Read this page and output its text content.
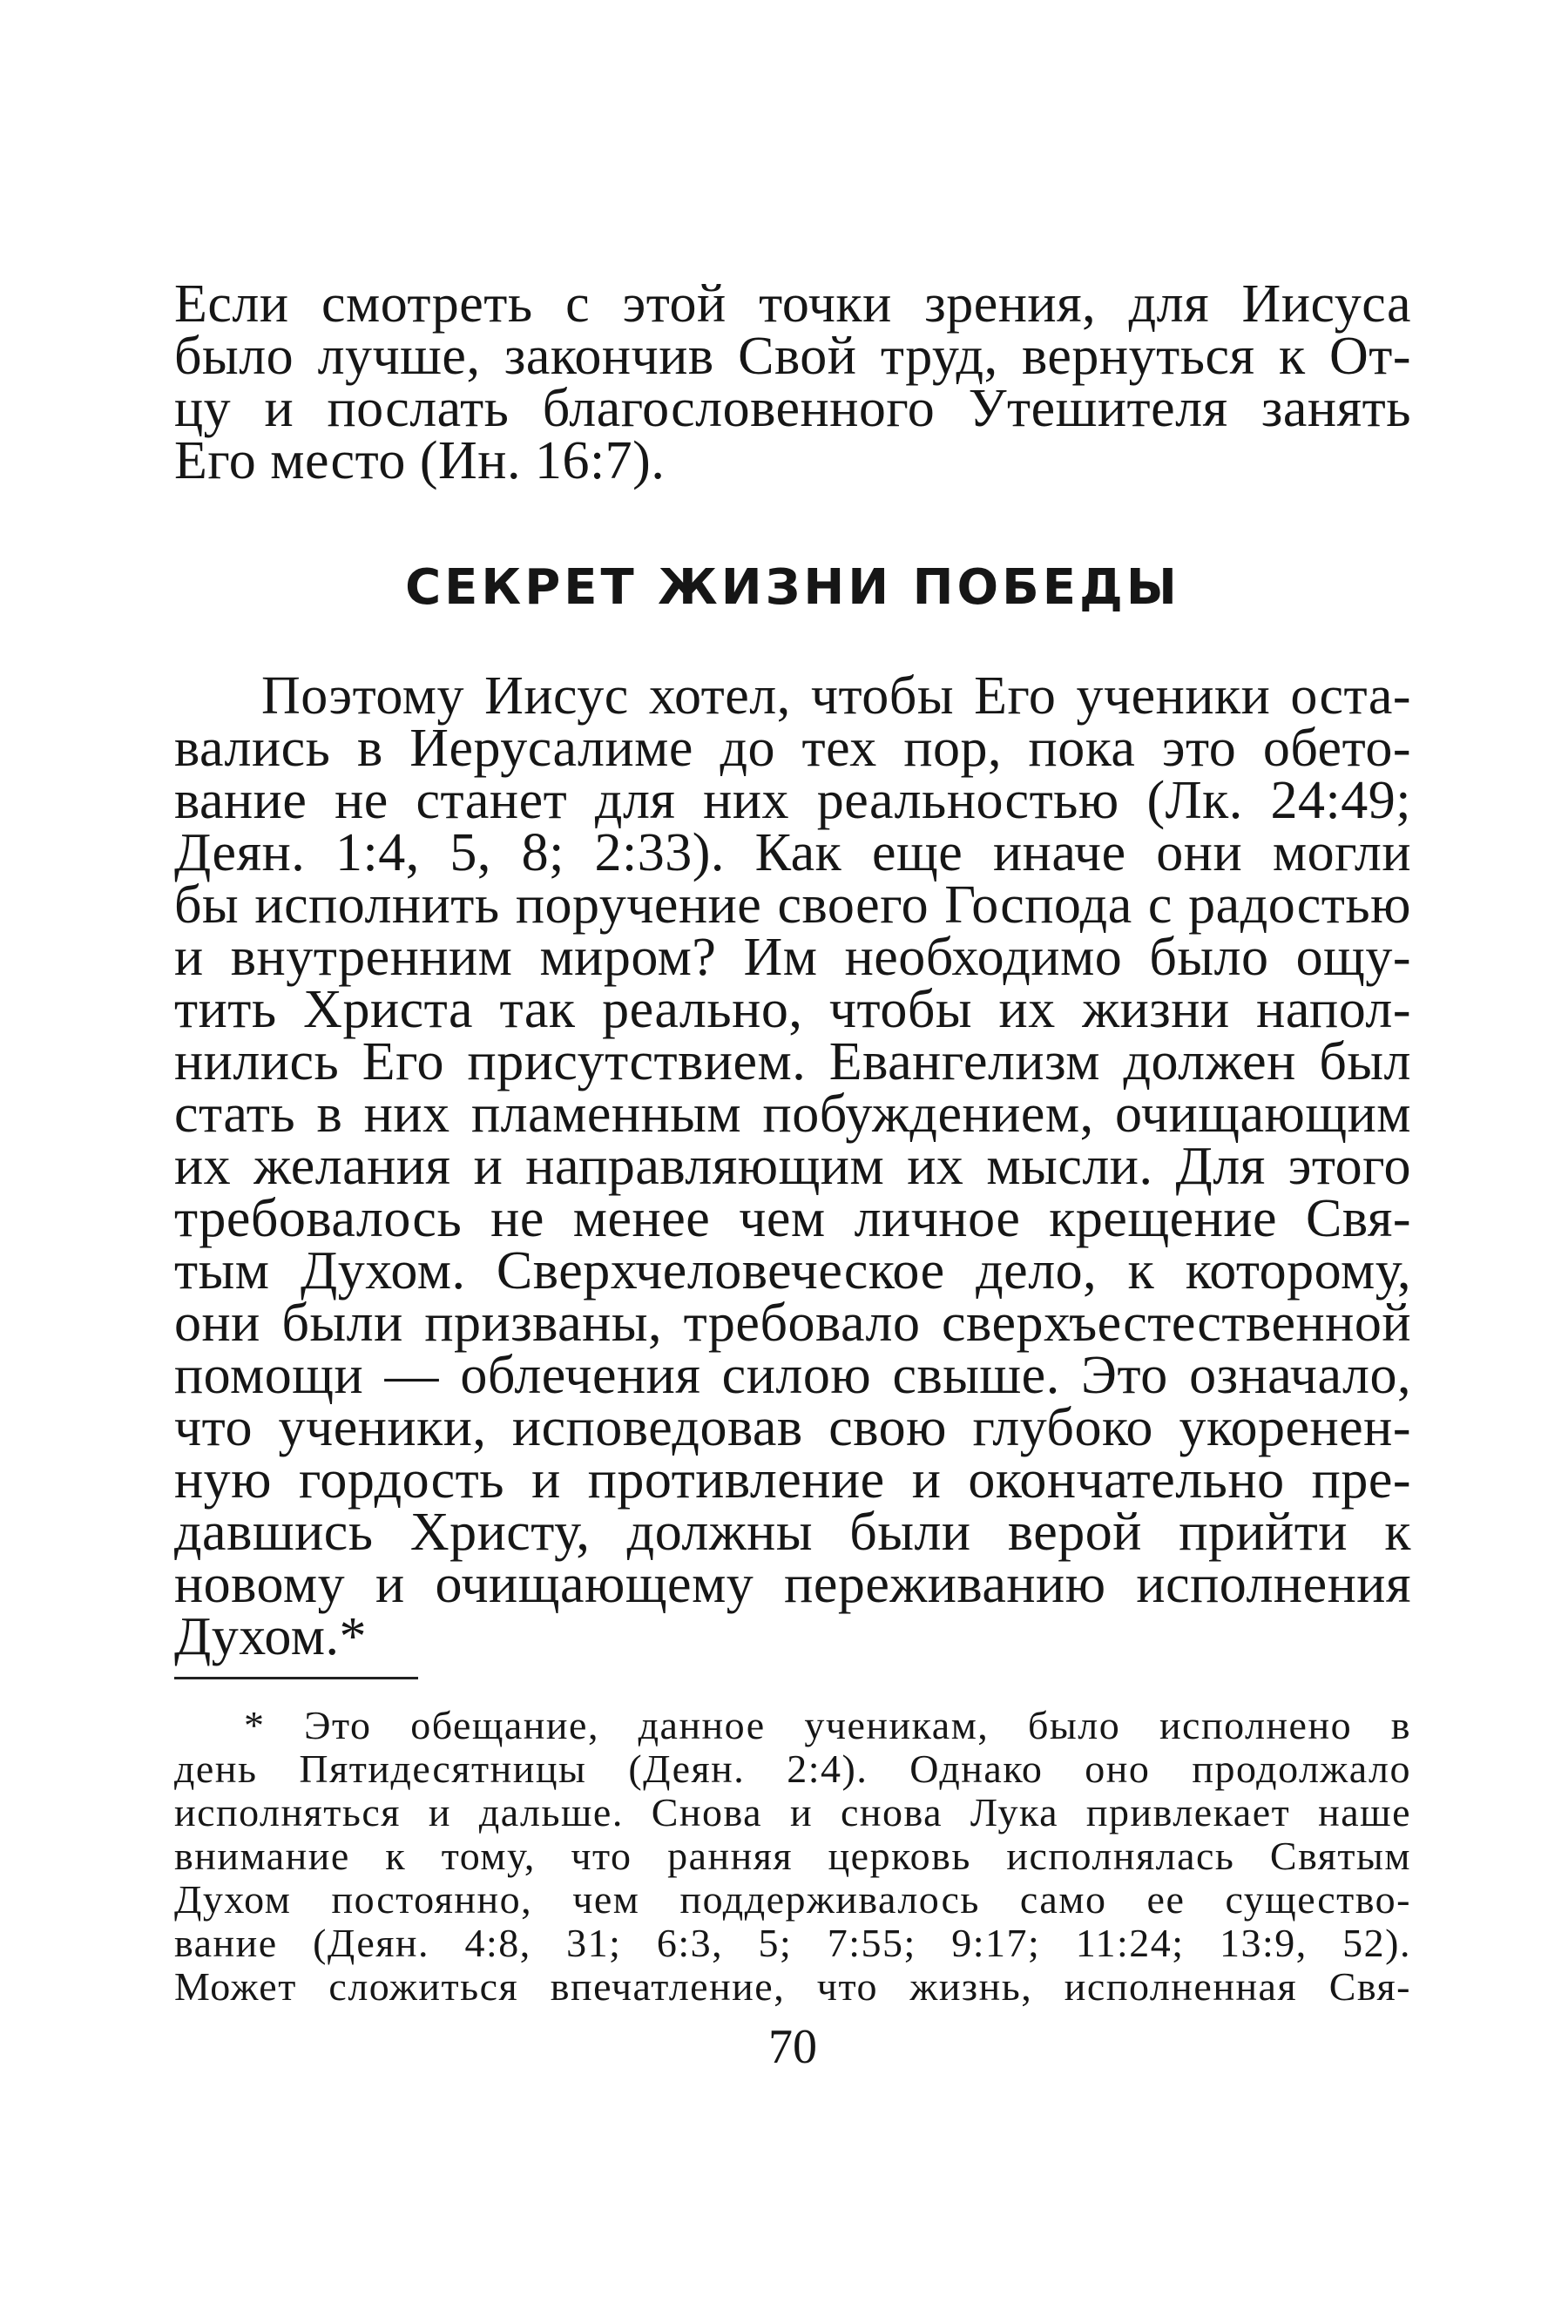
Если смотреть с этой точки зрения, для Иисуса
было лучше, закончив Свой труд, вернуться к От-
цу и послать благословенного Утешителя занять
Его место (Ин. 16:7).
СЕКРЕТ ЖИЗНИ ПОБЕДЫ
Поэтому Иисус хотел, чтобы Его ученики оста-
вались в Иерусалиме до тех пор, пока это обето-
вание не станет для них реальностью (Лк. 24:49;
Деян. 1:4, 5, 8; 2:33). Как еще иначе они могли
бы исполнить поручение своего Господа с радостью
и внутренним миром? Им необходимо было ощу-
тить Христа так реально, чтобы их жизни напол-
нились Его присутствием. Евангелизм должен был
стать в них пламенным побуждением, очищающим
их желания и направляющим их мысли. Для этого
требовалось не менее чем личное крещение Свя-
тым Духом. Сверхчеловеческое дело, к которому,
они были призваны, требовало сверхъестественной
помощи — облечения силою свыше. Это означало,
что ученики, исповедовав свою глубоко укоренен-
ную гордость и противление и окончательно пре-
давшись Христу, должны были верой прийти к
новому и очищающему переживанию исполнения
Духом.*
* Это обещание, данное ученикам, было исполнено в
день Пятидесятницы (Деян. 2:4). Однако оно продолжало
исполняться и дальше. Снова и снова Лука привлекает наше
внимание к тому, что ранняя церковь исполнялась Святым
Духом постоянно, чем поддерживалось само ее существо-
вание (Деян. 4:8, 31; 6:3, 5; 7:55; 9:17; 11:24; 13:9, 52).
Может сложиться впечатление, что жизнь, исполненная Свя-
70
